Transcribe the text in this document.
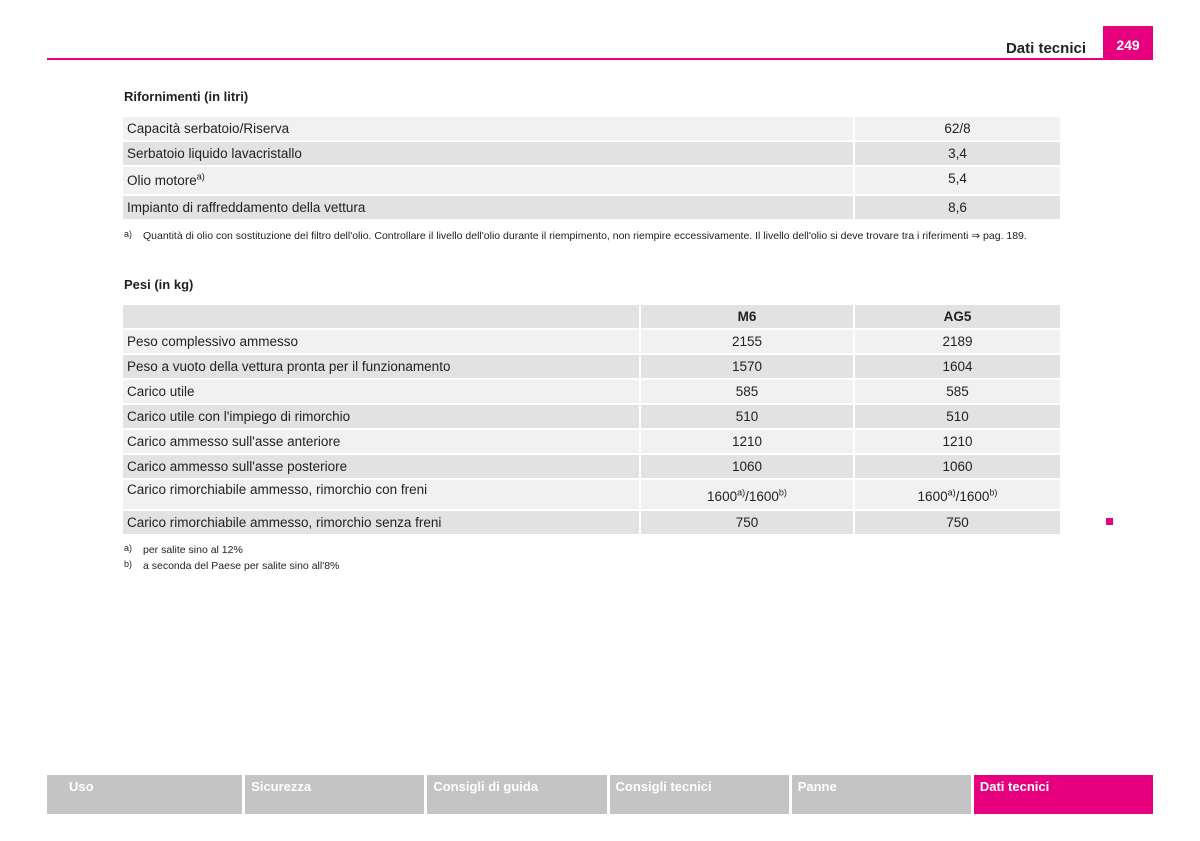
Dati tecnici	249
Rifornimenti (in litri)
Capacità serbatoio/Riserva	62/8
Serbatoio liquido lavacristallo	3,4
Olio motore$^{a)}$	5,4
Impianto di raffreddamento della vettura	8,6
a)	Quantità di olio con sostituzione del filtro dell'olio. Controllare il livello dell'olio durante il riempimento, non riempire eccessivamente. Il livello dell'olio si deve trovare tra i riferimenti ⇒ pag. 189.
Pesi (in kg)
	M6	AG5
Peso complessivo ammesso	2155	2189
Peso a vuoto della vettura pronta per il funzionamento	1570	1604
Carico utile	585	585
Carico utile con l'impiego di rimorchio	510	510
Carico ammesso sull'asse anteriore	1210	1210
Carico ammesso sull'asse posteriore	1060	1060
Carico rimorchiabile ammesso, rimorchio con freni	1600$^{a)}$/1600$^{b)}$	1600$^{a)}$/1600$^{b)}$
Carico rimorchiabile ammesso, rimorchio senza freni	750	750
a)	per salite sino al 12%
b)	a seconda del Paese per salite sino all'8%
Uso	Sicurezza	Consigli di guida	Consigli tecnici	Panne	Dati tecnici
